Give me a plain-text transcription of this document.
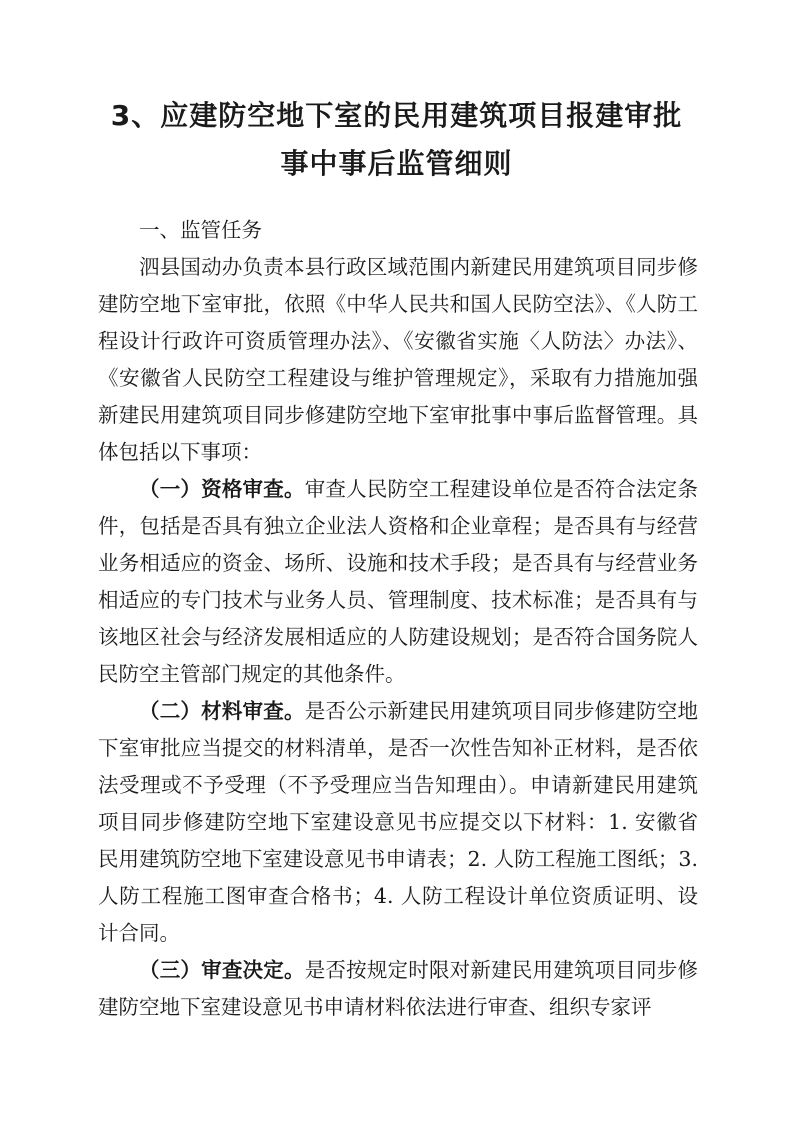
3、应建防空地下室的民用建筑项目报建审批
事中事后监管细则

一、监管任务

泗县国动办负责本县行政区域范围内新建民用建筑项目同步修建防空地下室审批，依照《中华人民共和国人民防空法》、《人防工程设计行政许可资质管理办法》、《安徽省实施〈人防法〉办法》、《安徽省人民防空工程建设与维护管理规定》，采取有力措施加强新建民用建筑项目同步修建防空地下室审批事中事后监督管理。具体包括以下事项：

（一）资格审查。审查人民防空工程建设单位是否符合法定条件，包括是否具有独立企业法人资格和企业章程；是否具有与经营业务相适应的资金、场所、设施和技术手段；是否具有与经营业务相适应的专门技术与业务人员、管理制度、技术标准；是否具有与该地区社会与经济发展相适应的人防建设规划；是否符合国务院人民防空主管部门规定的其他条件。

（二）材料审查。是否公示新建民用建筑项目同步修建防空地下室审批应当提交的材料清单，是否一次性告知补正材料，是否依法受理或不予受理（不予受理应当告知理由）。申请新建民用建筑项目同步修建防空地下室建设意见书应提交以下材料：1. 安徽省民用建筑防空地下室建设意见书申请表；2. 人防工程施工图纸；3. 人防工程施工图审查合格书；4. 人防工程设计单位资质证明、设计合同。

（三）审查决定。是否按规定时限对新建民用建筑项目同步修建防空地下室建设意见书申请材料依法进行审查、组织专家评
